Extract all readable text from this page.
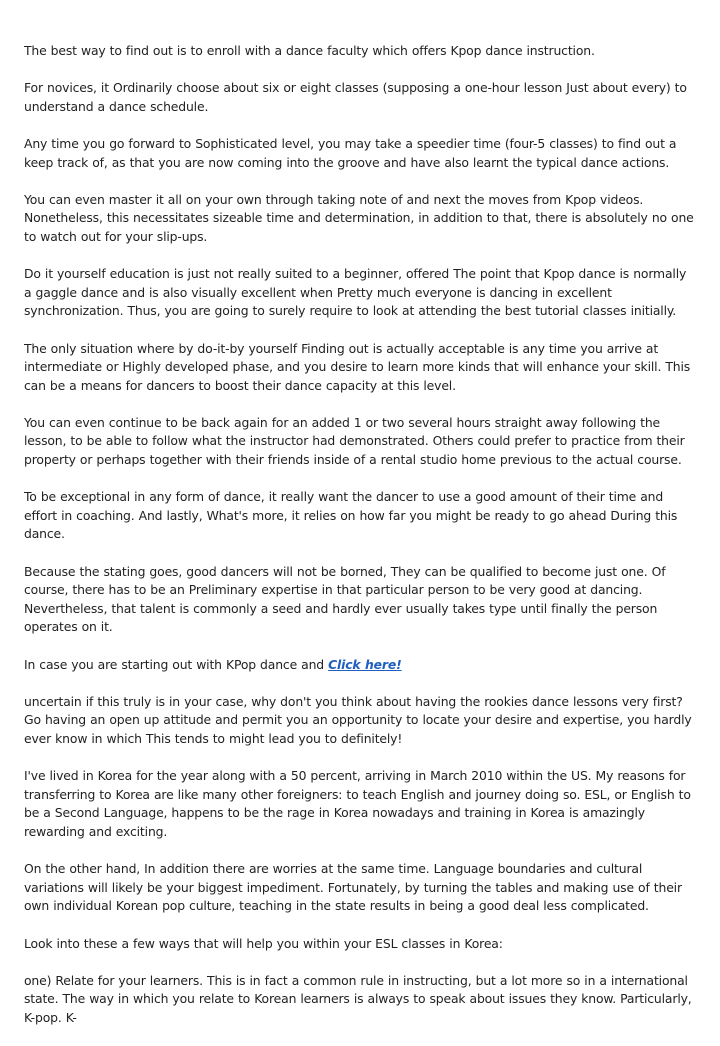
The best way to find out is to enroll with a dance faculty which offers Kpop dance instruction.

For novices, it Ordinarily choose about six or eight classes (supposing a one-hour lesson Just about every) to understand a dance schedule.

Any time you go forward to Sophisticated level, you may take a speedier time (four-5 classes) to find out a keep track of, as that you are now coming into the groove and have also learnt the typical dance actions.

You can even master it all on your own through taking note of and next the moves from Kpop videos. Nonetheless, this necessitates sizeable time and determination, in addition to that, there is absolutely no one to watch out for your slip-ups.

Do it yourself education is just not really suited to a beginner, offered The point that Kpop dance is normally a gaggle dance and is also visually excellent when Pretty much everyone is dancing in excellent synchronization. Thus, you are going to surely require to look at attending the best tutorial classes initially.

The only situation where by do-it-by yourself Finding out is actually acceptable is any time you arrive at intermediate or Highly developed phase, and you desire to learn more kinds that will enhance your skill. This can be a means for dancers to boost their dance capacity at this level.

You can even continue to be back again for an added 1 or two several hours straight away following the lesson, to be able to follow what the instructor had demonstrated. Others could prefer to practice from their property or perhaps together with their friends inside of a rental studio home previous to the actual course.

To be exceptional in any form of dance, it really want the dancer to use a good amount of their time and effort in coaching. And lastly, What's more, it relies on how far you might be ready to go ahead During this dance.

Because the stating goes, good dancers will not be borned, They can be qualified to become just one. Of course, there has to be an Preliminary expertise in that particular person to be very good at dancing. Nevertheless, that talent is commonly a seed and hardly ever usually takes type until finally the person operates on it.

In case you are starting out with KPop dance and Click here!

uncertain if this truly is in your case, why don't you think about having the rookies dance lessons very first? Go having an open up attitude and permit you an opportunity to locate your desire and expertise, you hardly ever know in which This tends to might lead you to definitely!

I've lived in Korea for the year along with a 50 percent, arriving in March 2010 within the US. My reasons for transferring to Korea are like many other foreigners: to teach English and journey doing so. ESL, or English to be a Second Language, happens to be the rage in Korea nowadays and training in Korea is amazingly rewarding and exciting.

On the other hand, In addition there are worries at the same time. Language boundaries and cultural variations will likely be your biggest impediment. Fortunately, by turning the tables and making use of their own individual Korean pop culture, teaching in the state results in being a good deal less complicated.

Look into these a few ways that will help you within your ESL classes in Korea:

one) Relate for your learners. This is in fact a common rule in instructing, but a lot more so in a international state. The way in which you relate to Korean learners is always to speak about issues they know. Particularly, K-pop. K-
